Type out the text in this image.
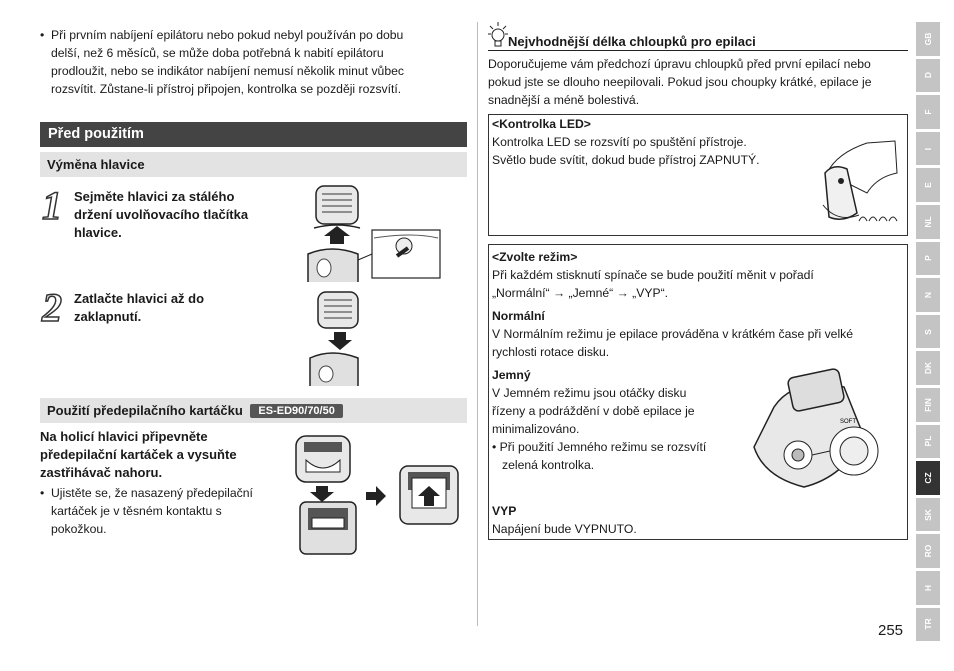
• Při prvním nabíjení epilátoru nebo pokud nebyl používán po dobu
delší, než 6 měsíců, se může doba potřebná k nabití epilátoru
prodloužit, nebo se indikátor nabíjení nemusí několik minut vůbec
rozsvítit. Zůstane-li přístroj připojen, kontrolka se později rozsvítí.
Před použitím
Výměna hlavice
1 Sejměte hlavici za stálého
držení uvolňovacího tlačítka
hlavice.
2 Zatlačte hlavici až do
zaklapnutí.
Použití předepilačního kartáčku ES-ED90/70/50
Na holicí hlavici připevněte
předepilační kartáček a vysuňte
zastřihávač nahoru.
• Ujistěte se, že nasazený předepilační
kartáček je v těsném kontaktu s
pokožkou.
Nejvhodnější délka chloupků pro epilaci
Doporučujeme vám předchozí úpravu chloupků před první epilací nebo
pokud jste se dlouho neepilovali. Pokud jsou choupky krátké, epilace je
snadnější a méně bolestivá.
<Kontrolka LED>
Kontrolka LED se rozsvítí po spuštění přístroje.
Světlo bude svítit, dokud bude přístroj ZAPNUTÝ.
<Zvolte režim>
Při každém stisknutí spínače se bude použití měnit v pořadí
„Normální“ → „Jemné“ → „VYP“.
Normální
V Normálním režimu je epilace prováděna v krátkém čase při velké
rychlosti rotace disku.
Jemný
V Jemném režimu jsou otáčky disku
řízeny a podráždění v době epilace je
minimalizováno.
• Při použití Jemného režimu se rozsvítí
zelená kontrolka.
VYP
Napájení bude VYPNUTO.
SOFT
GB
D
F
I
E
NL
P
N
S
DK
FIN
PL
CZ
SK
RO
H
TR
255
